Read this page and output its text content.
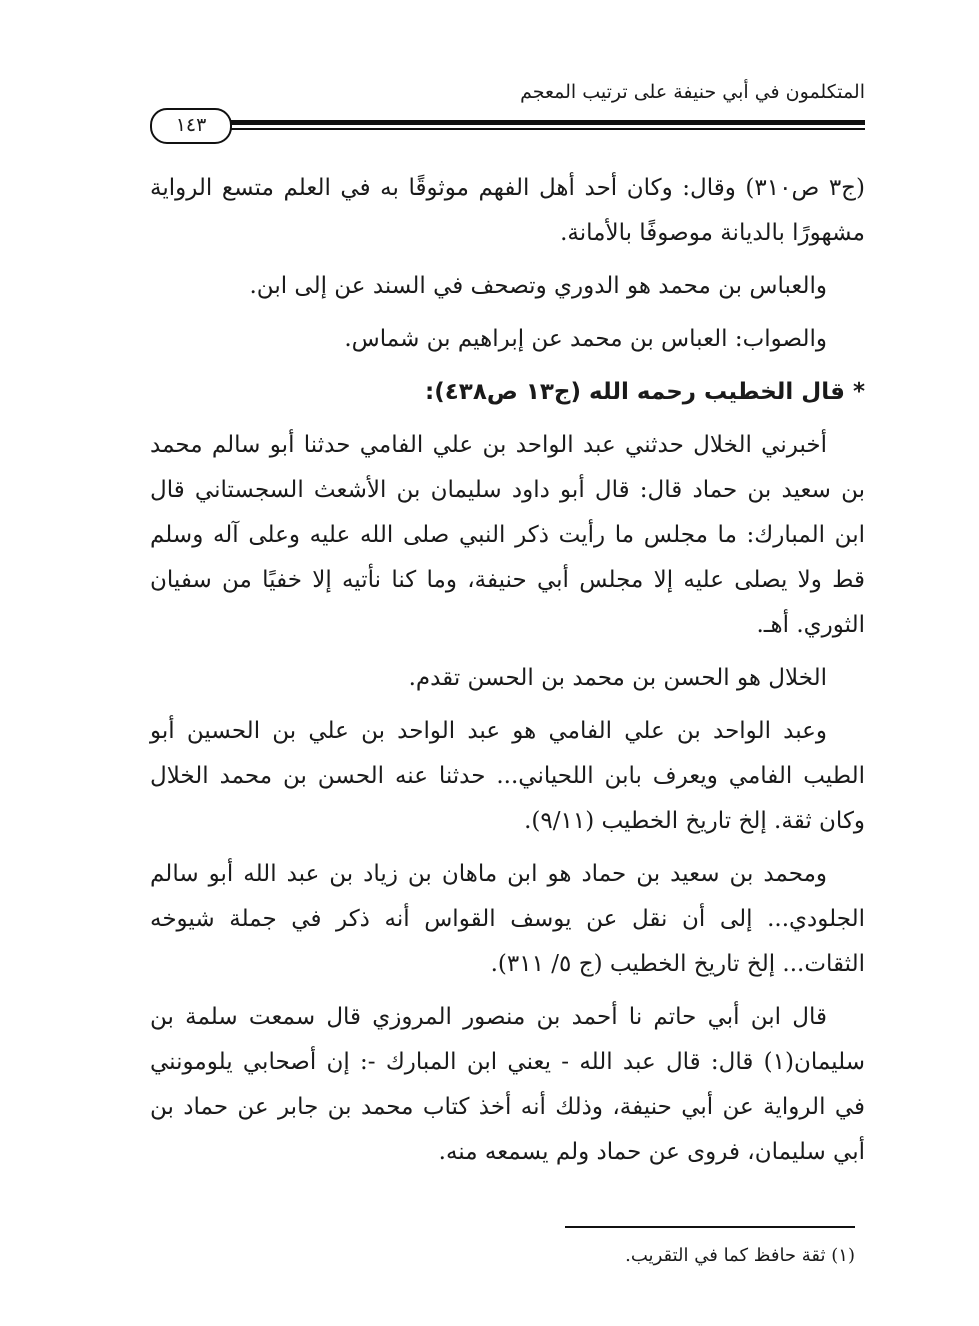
المتكلمون في أبي حنيفة على ترتيب المعجم
١٤٣

(ج٣ ص٣١٠) وقال: وكان أحد أهل الفهم موثوقًا به في العلم متسع الرواية مشهورًا بالديانة موصوفًا بالأمانة.

والعباس بن محمد هو الدوري وتصحف في السند عن إلى ابن.

والصواب: العباس بن محمد عن إبراهيم بن شماس.

*قال الخطيب رحمه الله (ج١٣ ص٤٣٨):

أخبرني الخلال حدثني عبد الواحد بن علي الفامي حدثنا أبو سالم محمد بن سعيد بن حماد قال: قال أبو داود سليمان بن الأشعث السجستاني قال ابن المبارك: ما مجلس ما رأيت ذكر النبي صلى الله عليه وعلى آله وسلم قط ولا يصلى عليه إلا مجلس أبي حنيفة، وما كنا نأتيه إلا خفيًا من سفيان الثوري. أهـ.

الخلال هو الحسن بن محمد بن الحسن تقدم.

وعبد الواحد بن علي الفامي هو عبد الواحد بن علي بن الحسين أبو الطيب الفامي ويعرف بابن اللحياني... حدثنا عنه الحسن بن محمد الخلال وكان ثقة. إلخ تاريخ الخطيب (٩/١١).

ومحمد بن سعيد بن حماد هو ابن ماهان بن زياد بن عبد الله أبو سالم الجلودي... إلى أن نقل عن يوسف القواس أنه ذكر في جملة شيوخه الثقات... إلخ تاريخ الخطيب (ج ٥/ ٣١١).

قال ابن أبي حاتم نا أحمد بن منصور المروزي قال سمعت سلمة بن سليمان(١) قال: قال عبد الله - يعني ابن المبارك -: إن أصحابي يلومونني في الرواية عن أبي حنيفة، وذلك أنه أخذ كتاب محمد بن جابر عن حماد بن أبي سليمان، فروى عن حماد ولم يسمعه منه.

(١) ثقة حافظ كما في التقريب.
